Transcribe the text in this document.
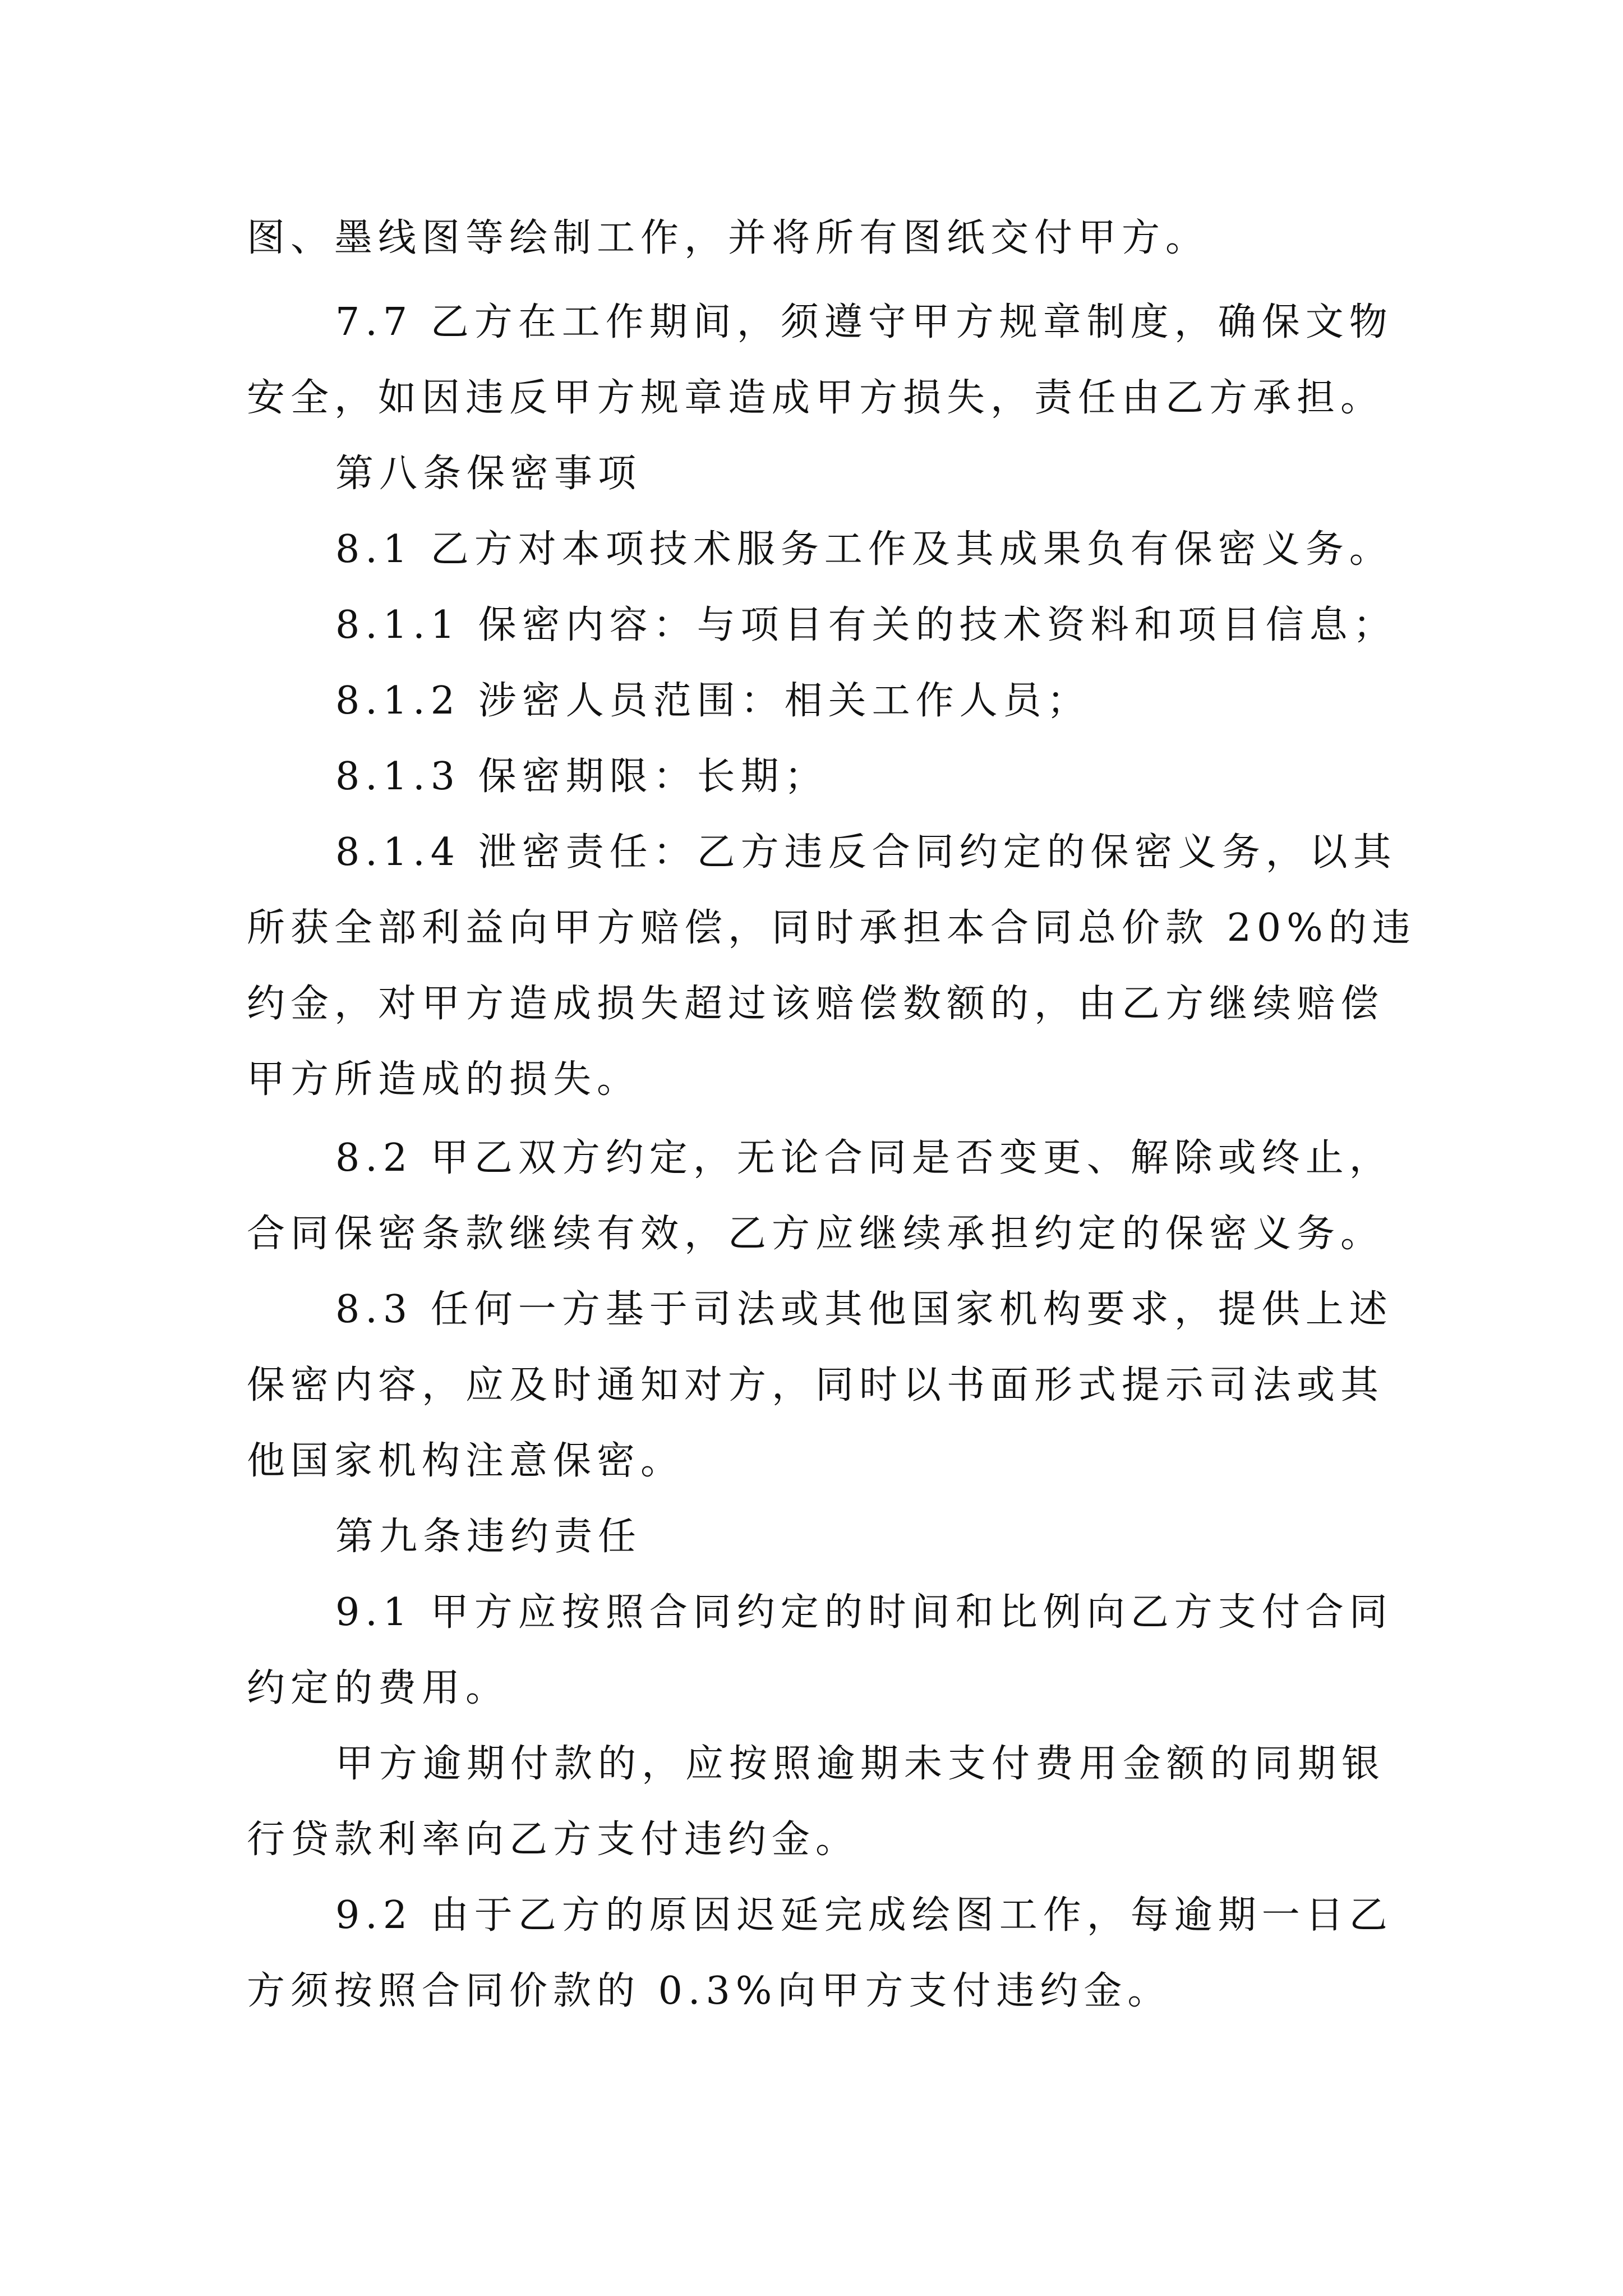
图、墨线图等绘制工作，并将所有图纸交付甲方。

7.7 乙方在工作期间，须遵守甲方规章制度，确保文物

安全，如因违反甲方规章造成甲方损失，责任由乙方承担。

第八条保密事项

8.1 乙方对本项技术服务工作及其成果负有保密义务。

8.1.1 保密内容：与项目有关的技术资料和项目信息；

8.1.2 涉密人员范围：相关工作人员；

8.1.3 保密期限：长期；

8.1.4 泄密责任：乙方违反合同约定的保密义务，以其

所获全部利益向甲方赔偿，同时承担本合同总价款 20%的违

约金，对甲方造成损失超过该赔偿数额的，由乙方继续赔偿

甲方所造成的损失。

8.2 甲乙双方约定，无论合同是否变更、解除或终止，

合同保密条款继续有效，乙方应继续承担约定的保密义务。

8.3 任何一方基于司法或其他国家机构要求，提供上述

保密内容，应及时通知对方，同时以书面形式提示司法或其

他国家机构注意保密。

第九条违约责任

9.1 甲方应按照合同约定的时间和比例向乙方支付合同

约定的费用。

甲方逾期付款的，应按照逾期未支付费用金额的同期银

行贷款利率向乙方支付违约金。

9.2 由于乙方的原因迟延完成绘图工作，每逾期一日乙

方须按照合同价款的 0.3%向甲方支付违约金。
